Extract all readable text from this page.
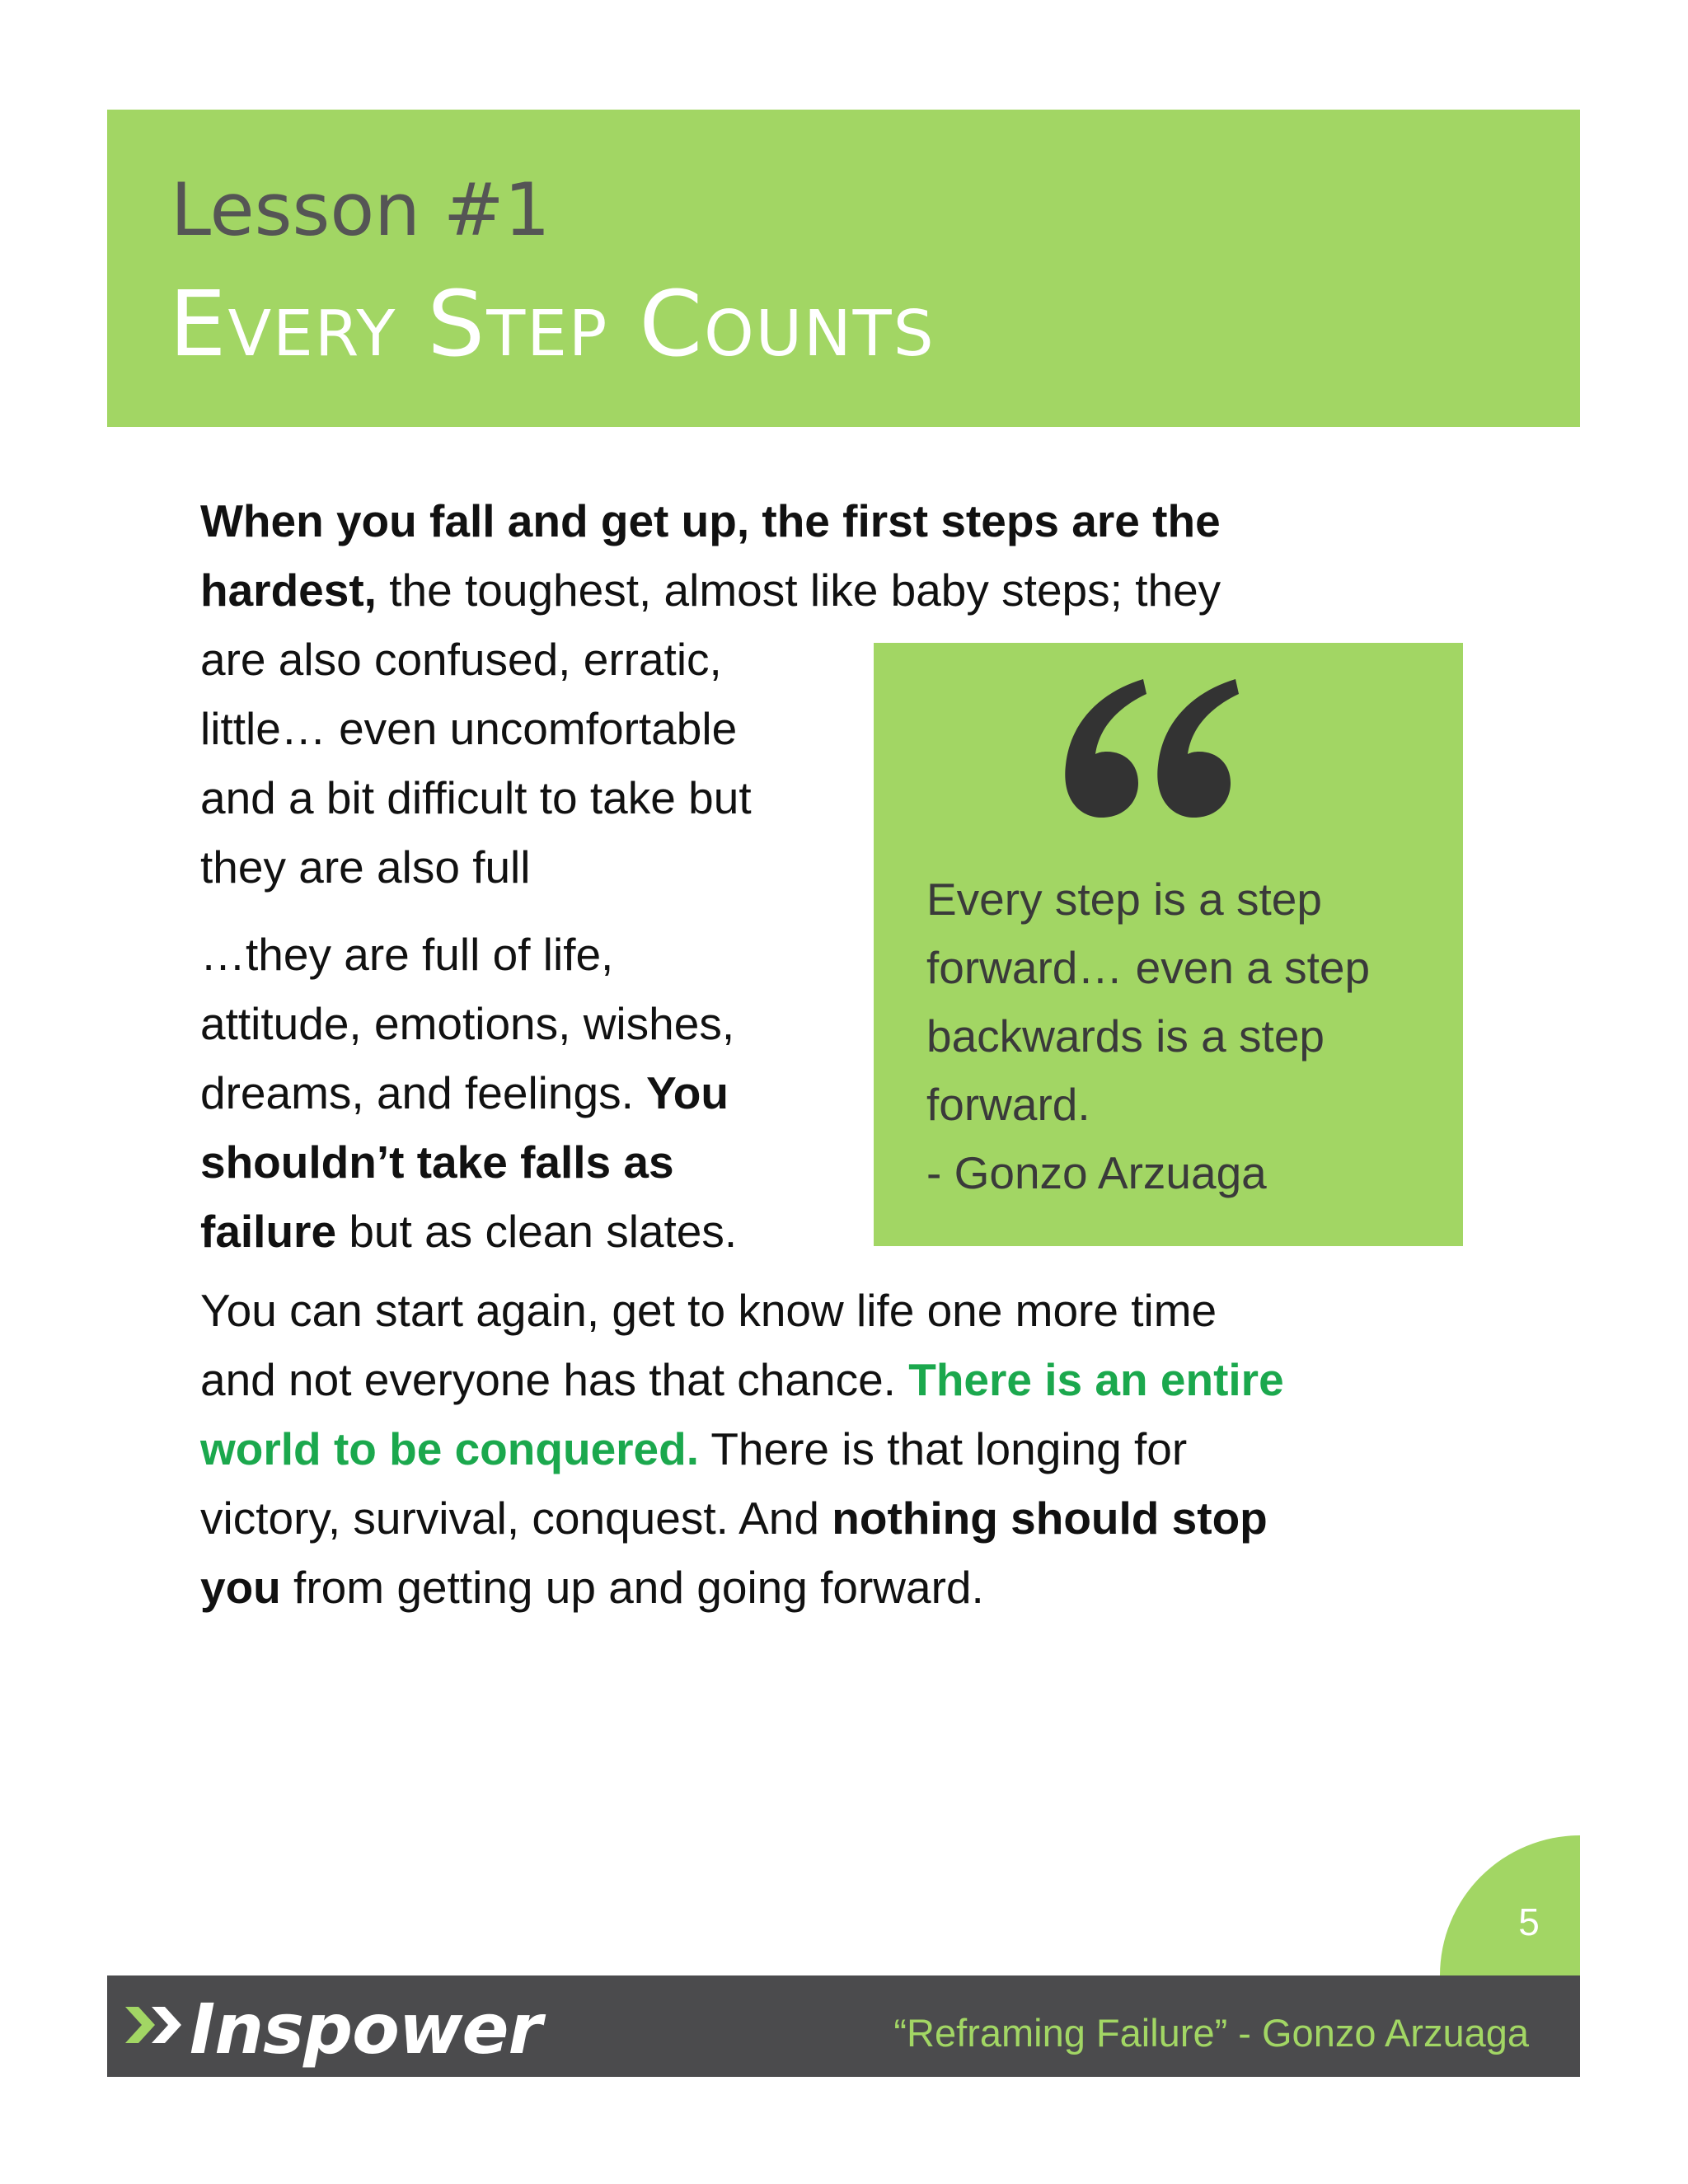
Lesson #1
Every Step Counts

When you fall and get up, the first steps are the

hardest, the toughest, almost like baby steps; they

are also confused, erratic,

little… even uncomfortable

and a bit difficult to take but

they are also full

…they are full of life,

attitude, emotions, wishes,

dreams, and feelings. You

shouldn’t take falls as

failure but as clean slates.

You can start again, get to know life one more time

and not everyone has that chance. There is an entire

world to be conquered. There is that longing for

victory, survival, conquest. And nothing should stop

you from getting up and going forward.

Every step is a step
forward… even a step
backwards is a step
forward.
- Gonzo Arzuaga

5
Inspower	“Reframing Failure” - Gonzo Arzuaga
